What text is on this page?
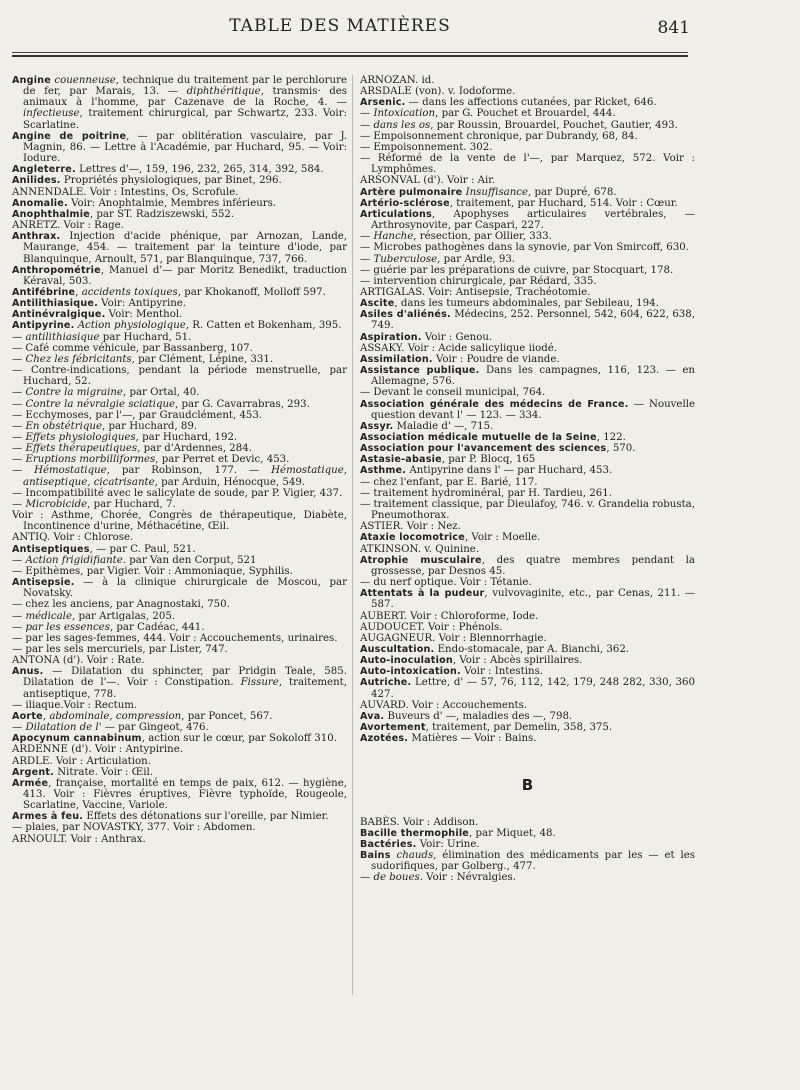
TABLE DES MATIÈRES	841
Angine couenneuse, technique du traitement par le perchlorure de fer, par Marais, 13. — diphthéritique, transmis· des animaux à l'homme, par Cazenave de la Roche, 4. — infectieuse, traitement chirurgical, par Schwartz, 233. Voir: Scarlatine.
Angine de poitrine, — par oblitération vasculaire, par J. Magnin, 86. — Lettre à l'Académie, par Huchard, 95. — Voir: Iodure.
Angleterre. Lettres d'—, 159, 196, 232, 265, 314, 392, 584.
Anilides. Propriétés physiologiques, par Binet, 296.
ANNENDALE. Voir : Intestins, Os, Scrofule.
Anomalie. Voir: Anophtalmie, Membres inférieurs.
Anophthalmie, par ST. Radziszewski, 552.
ANRETZ. Voir : Rage.
Anthrax. Injection d'acide phénique, par Arnozan, Lande, Maurange, 454. — traitement par la teinture d'iode, par Blanquinque, Arnoult, 571, par Blanquinque, 737, 766.
Anthropométrie, Manuel d'— par Moritz Benedikt, traduction Kéraval, 503.
Antifébrine, accidents toxiques, par Khokanoff, Molloff 597.
Antilithiasique. Voir: Antipyrine.
Antinévralgique. Voir: Menthol.
Antipyrine. Action physiologique, R. Catten et Bokenham, 395.
— antilithiasique par Huchard, 51.
— Café comme véhicule, par Bassanberg, 107.
— Chez les fébricitants, par Clément, Lépine, 331.
— Contre-indications, pendant la période menstruelle, par Huchard, 52.
— Contre la migraine, par Ortal, 40.
— Contre la névralgie sciatique, par G. Cavarrabras, 293.
— Ecchymoses, par l'—, par Graudclément, 453.
— En obstétrique, par Huchard, 89.
— Effets physiologiques, par Huchard, 192.
— Effets thérapeutiques, par d'Ardennes, 284.
— Eruptions morbilliformes, par Perret et Devic, 453.
— Hémostatique, par Robinson, 177. — Hémostatique, antiseptique, cicatrisante, par Arduin, Hénocque, 549.
— Incompatibilité avec le salicylate de soude, par P. Vigier, 437.
— Microbicide, par Huchard, 7.
Voir : Asthme, Chorée, Congrès de thérapeutique, Diabète, Incontinence d'urine, Méthacétine, Œil.
ANTIQ. Voir : Chlorose.
Antiseptiques, — par C. Paul, 521.
— Action frigidifiante. par Van den Corput, 521
— Epithèmes, par Vigier. Voir : Ammoniaque, Syphilis.
Antisepsie. — à la clinique chirurgicale de Moscou, par Novatsky.
— chez les anciens, par Anagnostaki, 750.
— médicale, par Artigalas, 205.
— par les essences, par Cadéac, 441.
— par les sages-femmes, 444. Voir : Accouchements, urinaires.
— par les sels mercuriels, par Lister, 747.
ANTONA (d'). Voir : Rate.
Anus. — Dilatation du sphincter, par Pridgin Teale, 585. Dilatation de l'—. Voir : Constipation. Fissure, traitement, antiseptique, 778.
— iliaque.Voir : Rectum.
Aorte, abdominale, compression, par Poncet, 567.
— Dilatation de l' — par Gingeot, 476.
Apocynum cannabinum, action sur le cœur, par Sokoloff 310.
ARDENNE (d'). Voir : Antypirine.
ARDLE. Voir : Articulation.
Argent. Nitrate. Voir : Œil.
Armée, française, mortalité en temps de paix, 612. — hygiène, 413. Voir : Fièvres éruptives, Fièvre typhoïde, Rougeole, Scarlatine, Vaccine, Variole.
Armes à feu. Effets des détonations sur l'oreille, par Nimier.
— plaies, par NOVASTKY, 377. Voir : Abdomen.
ARNOULT. Voir : Anthrax.
ARNOZAN. id.
ARSDALE (von). v. Iodoforme.
Arsenic. — dans les affections cutanées, par Ricket, 646.
— Intoxication, par G. Pouchet et Brouardel, 444.
— dans les os, par Roussin, Brouardel, Pouchet, Gautier, 493.
— Empoisonnement chronique, par Dubrandy, 68, 84.
— Empoisonnement. 302.
— Réformé de la vente de l'—, par Marquez, 572. Voir : Lymphômes.
ARSONVAL (d'). Voir : Air.
Artère pulmonaire Insuffisance, par Dupré, 678.
Artério-sclérose, traitement, par Huchard, 514. Voir : Cœur.
Articulations, Apophyses articulaires vertébrales, — Arthrosynovite, par Caspari, 227.
— Hanche, résection, par Ollier, 333.
— Microbes pathogènes dans la synovie, par Von Smircoff, 630.
— Tuberculose, par Ardle, 93.
— guérie par les préparations de cuivre, par Stocquart, 178.
— intervention chirurgicale, par Rédard, 335.
ARTIGALAS. Voir: Antisepsie, Trachéotomie.
Ascite, dans les tumeurs abdominales, par Sebileau, 194.
Asiles d'aliénés. Médecins, 252. Personnel, 542, 604, 622, 638, 749.
Aspiration. Voir : Genou.
ASSAKY. Voir : Acide salicylique iiodé.
Assimilation. Voir : Poudre de viande.
Assistance publique. Dans les campagnes, 116, 123. — en Allemagne, 576.
— Devant le conseil municipal, 764.
Association générale des médecins de France. — Nouvelle question devant l' — 123. — 334.
Assyr. Maladie d' —, 715.
Association médicale mutuelle de la Seine, 122.
Association pour l'avancement des sciences, 570.
Astasie-abasie, par P. Blocq, 165
Asthme. Antipyrine dans l' — par Huchard, 453.
— chez l'enfant, par E. Barié, 117.
— traitement hydrominéral, par H. Tardieu, 261.
— traitement classique, par Dieulafoy, 746. v. Grandelia robusta, Pneumothorax.
ASTIER. Voir : Nez.
Ataxie locomotrice, Voir : Moelle.
ATKINSON. v. Quinine.
Atrophie musculaire, des quatre membres pendant la grossesse, par Desnos 45.
— du nerf optique. Voir : Tétanie.
Attentats à la pudeur, vulvovaginite, etc., par Cenas, 211. — 587.
AUBERT. Voir : Chloroforme, Iode.
AUDOUCET. Voir : Phénols.
AUGAGNEUR. Voir : Blennorrhagie.
Auscultation. Endo-stomacale, par A. Bianchi, 362.
Auto-inoculation, Voir : Abcès spirillaires.
Auto-intoxication. Voir : Intestins.
Autriche. Lettre, d' — 57, 76, 112, 142, 179, 248 282, 330, 360 427.
AUVARD. Voir : Accouchements.
Ava. Buveurs d' —, maladies des —, 798.
Avortement, traitement, par Demelin, 358, 375.
Azotées. Matières — Voir : Bains.
B
BABÈS. Voir : Addison.
Bacille thermophile, par Miquet, 48.
Bactéries. Voir: Urine.
Bains chauds, élimination des médicaments par les — et les sudorifiques, par Golberg., 477.
— de boues. Voir : Névralgies.
